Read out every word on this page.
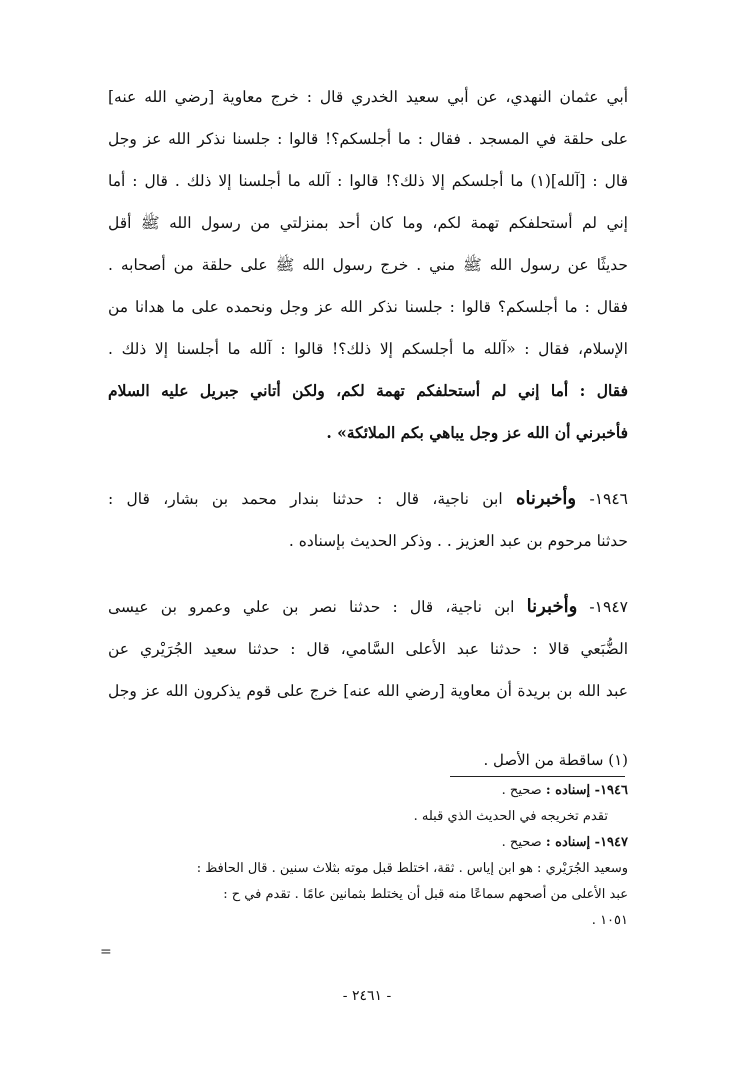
أبي عثمان النهدي، عن أبي سعيد الخدري قال : خرج معاوية [رضي الله عنه]
على حلقة في المسجد . فقال : ما أجلسكم؟! قالوا : جلسنا نذكر الله عز وجل
قال : [آلله](١) ما أجلسكم إلا ذلك؟! قالوا : آلله ما أجلسنا إلا ذلك . قال : أما
إني لم أستحلفكم تهمة لكم، وما كان أحد بمنزلتي من رسول الله ﷺ أقل
حديثًا عن رسول الله ﷺ مني . خرج رسول الله ﷺ على حلقة من أصحابه .
فقال : ما أجلسكم؟ قالوا : جلسنا نذكر الله عز وجل ونحمده على ما هدانا من
الإسلام، فقال : «آلله ما أجلسكم إلا ذلك؟! قالوا : آلله ما أجلسنا إلا ذلك .
فقال : أما إني لم أستحلفكم تهمة لكم، ولكن أتاني جبريل عليه السلام
فأخبرني أن الله عز وجل يباهي بكم الملائكة» .
١٩٤٦- وأخبرناه ابن ناجية، قال : حدثنا بندار محمد بن بشار، قال :
حدثنا مرحوم بن عبد العزيز . . وذكر الحديث بإسناده .
١٩٤٧- وأخبرنا ابن ناجية، قال : حدثنا نصر بن علي وعمرو بن عيسى
الضُّبَعي قالا : حدثنا عبد الأعلى السَّامي، قال : حدثنا سعيد الجُرَيْري عن
عبد الله بن بريدة أن معاوية [رضي الله عنه] خرج على قوم يذكرون الله عز وجل
(١) ساقطة من الأصل .
١٩٤٦- إسناده : صحيح .
تقدم تخريجه في الحديث الذي قبله .
١٩٤٧- إسناده : صحيح .
وسعيد الجُرَيْري : هو ابن إياس . ثقة، اختلط قبل موته بثلاث سنين . قال الحافظ :
عبد الأعلى من أصحهم سماعًا منه قبل أن يختلط بثمانين عامًا . تقدم في ح :
١٠٥١ .
=
- ٢٤٦١ -
